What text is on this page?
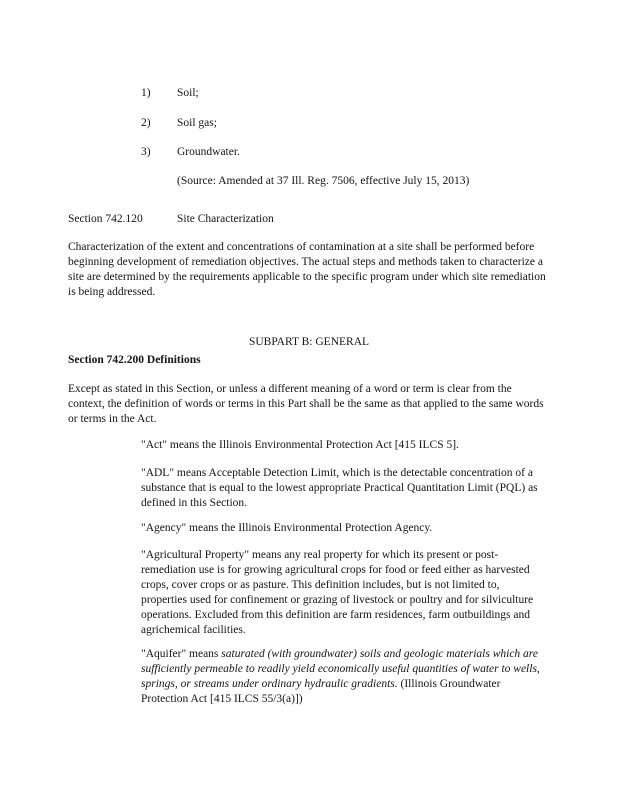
1) Soil;
2) Soil gas;
3) Groundwater.
(Source: Amended at 37 Ill. Reg. 7506, effective July 15, 2013)
Section 742.120	Site Characterization
Characterization of the extent and concentrations of contamination at a site shall be performed before beginning development of remediation objectives. The actual steps and methods taken to characterize a site are determined by the requirements applicable to the specific program under which site remediation is being addressed.
SUBPART B: GENERAL
Section 742.200 Definitions
Except as stated in this Section, or unless a different meaning of a word or term is clear from the context, the definition of words or terms in this Part shall be the same as that applied to the same words or terms in the Act.
"Act" means the Illinois Environmental Protection Act [415 ILCS 5].
"ADL" means Acceptable Detection Limit, which is the detectable concentration of a substance that is equal to the lowest appropriate Practical Quantitation Limit (PQL) as defined in this Section.
"Agency" means the Illinois Environmental Protection Agency.
"Agricultural Property" means any real property for which its present or post-remediation use is for growing agricultural crops for food or feed either as harvested crops, cover crops or as pasture. This definition includes, but is not limited to, properties used for confinement or grazing of livestock or poultry and for silviculture operations. Excluded from this definition are farm residences, farm outbuildings and agrichemical facilities.
"Aquifer" means saturated (with groundwater) soils and geologic materials which are sufficiently permeable to readily yield economically useful quantities of water to wells, springs, or streams under ordinary hydraulic gradients. (Illinois Groundwater Protection Act [415 ILCS 55/3(a)])
